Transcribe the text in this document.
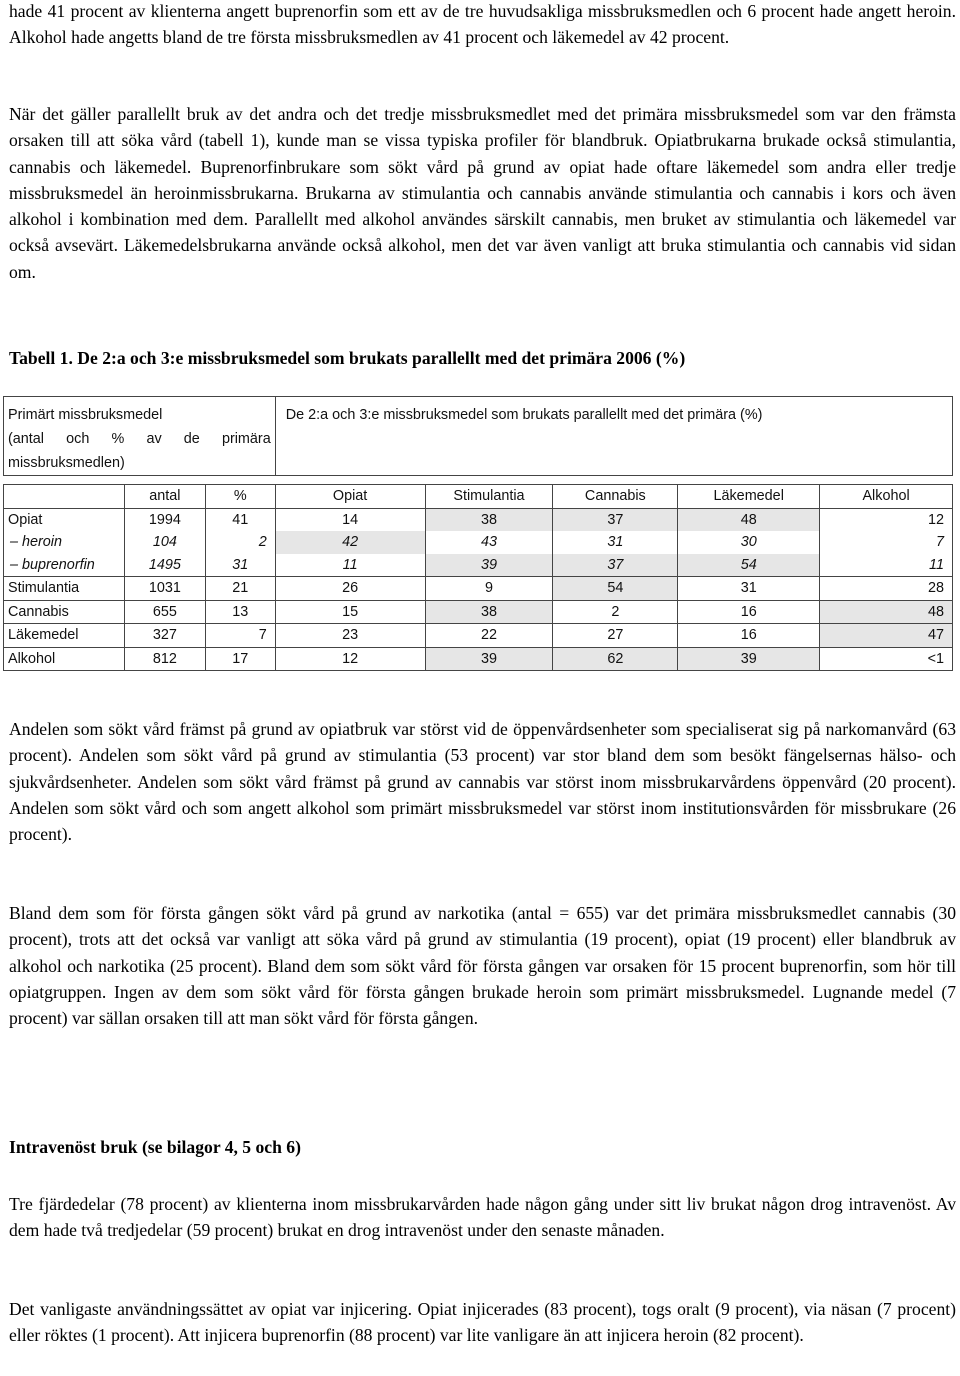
hade 41 procent av klienterna angett buprenorfin som ett av de tre huvudsakliga missbruksmedlen och 6 procent hade angett heroin. Alkohol hade angetts bland de tre första missbruksmedlen av 41 procent och läkemedel av 42 procent.

När det gäller parallellt bruk av det andra och det tredje missbruksmedlet med det primära missbruksmedel som var den främsta orsaken till att söka vård (tabell 1), kunde man se vissa typiska profiler för blandbruk. Opiatbrukarna brukade också stimulantia, cannabis och läkemedel. Buprenorfinbrukare som sökt vård på grund av opiat hade oftare läkemedel som andra eller tredje missbruksmedel än heroinmissbrukarna. Brukarna av stimulantia och cannabis använde stimulantia och cannabis i kors och även alkohol i kombination med dem. Parallellt med alkohol användes särskilt cannabis, men bruket av stimulantia och läkemedel var också avsevärt. Läkemedelsbrukarna använde också alkohol, men det var även vanligt att bruka stimulantia och cannabis vid sidan om.

Tabell 1. De 2:a och 3:e missbruksmedel som brukats parallellt med det primära 2006 (%)

Primärt missbruksmedel
(antal och % av de primära missbruksmedlen)			De 2:a och 3:e missbruksmedel som brukats parallellt med det primära (%)				

	antal	%	Opiat	Stimulantia	Cannabis	Läkemedel	Alkohol
Opiat	1994	41	14	38	37	48	12
– heroin	104	2	42	43	31	30	7
– buprenorfin	1495	31	11	39	37	54	11
Stimulantia	1031	21	26	9	54	31	28
Cannabis	655	13	15	38	2	16	48
Läkemedel	327	7	23	22	27	16	47
Alkohol	812	17	12	39	62	39	<1

Andelen som sökt vård främst på grund av opiatbruk var störst vid de öppenvårdsenheter som specialiserat sig på narkomanvård (63 procent). Andelen som sökt vård på grund av stimulantia (53 procent) var stor bland dem som besökt fängelsernas hälso- och sjukvårdsenheter. Andelen som sökt vård främst på grund av cannabis var störst inom missbrukarvårdens öppenvård (20 procent). Andelen som sökt vård och som angett alkohol som primärt missbruksmedel var störst inom institutionsvården för missbrukare (26 procent).

Bland dem som för första gången sökt vård på grund av narkotika (antal = 655) var det primära missbruksmedlet cannabis (30 procent), trots att det också var vanligt att söka vård på grund av stimulantia (19 procent), opiat (19 procent) eller blandbruk av alkohol och narkotika (25 procent). Bland dem som sökt vård för första gången var orsaken för 15 procent buprenorfin, som hör till opiatgruppen. Ingen av dem som sökt vård för första gången brukade heroin som primärt missbruksmedel. Lugnande medel (7 procent) var sällan orsaken till att man sökt vård för första gången.

Intravenöst bruk (se bilagor 4, 5 och 6)

Tre fjärdedelar (78 procent) av klienterna inom missbrukarvården hade någon gång under sitt liv brukat någon drog intravenöst. Av dem hade två tredjedelar (59 procent) brukat en drog intravenöst under den senaste månaden.

Det vanligaste användningssättet av opiat var injicering. Opiat injicerades (83 procent), togs oralt (9 procent), via näsan (7 procent) eller röktes (1 procent). Att injicera buprenorfin (88 procent) var lite vanligare än att injicera heroin (82 procent).
